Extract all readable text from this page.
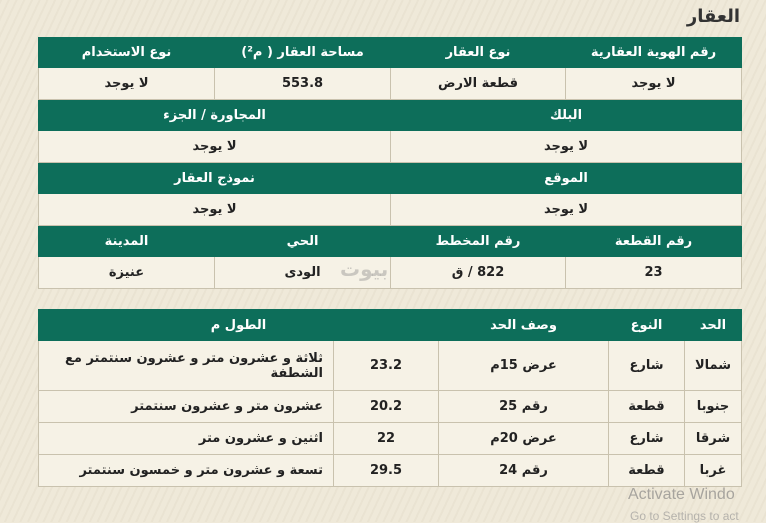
العقار
رقم الهوية العقارية	نوع العقار	مساحة العقار ( م²)	نوع الاستخدام
لا يوجد	قطعة الارض	553.8	لا يوجد
البلك		المجاورة / الجزء	
لا يوجد		لا يوجد	
الموقع		نموذج العقار	
لا يوجد		لا يوجد	
رقم القطعة	رقم المخطط	الحي	المدينة
23	822 / ق	الودى	عنيزة	بيوت
الحد	النوع	وصف الحد	الطول م	
شمالا	شارع	عرض 15م	23.2	ثلاثة و عشرون متر و عشرون سنتمتر مع الشطفة
جنوبا	قطعة	رقم 25	20.2	عشرون متر و عشرون سنتمتر
شرقا	شارع	عرض 20م	22	اثنين و عشرون متر
غربا	قطعة	رقم 24	29.5	تسعة و عشرون متر و خمسون سنتمتر
Activate Windo
Go to Settings to act
